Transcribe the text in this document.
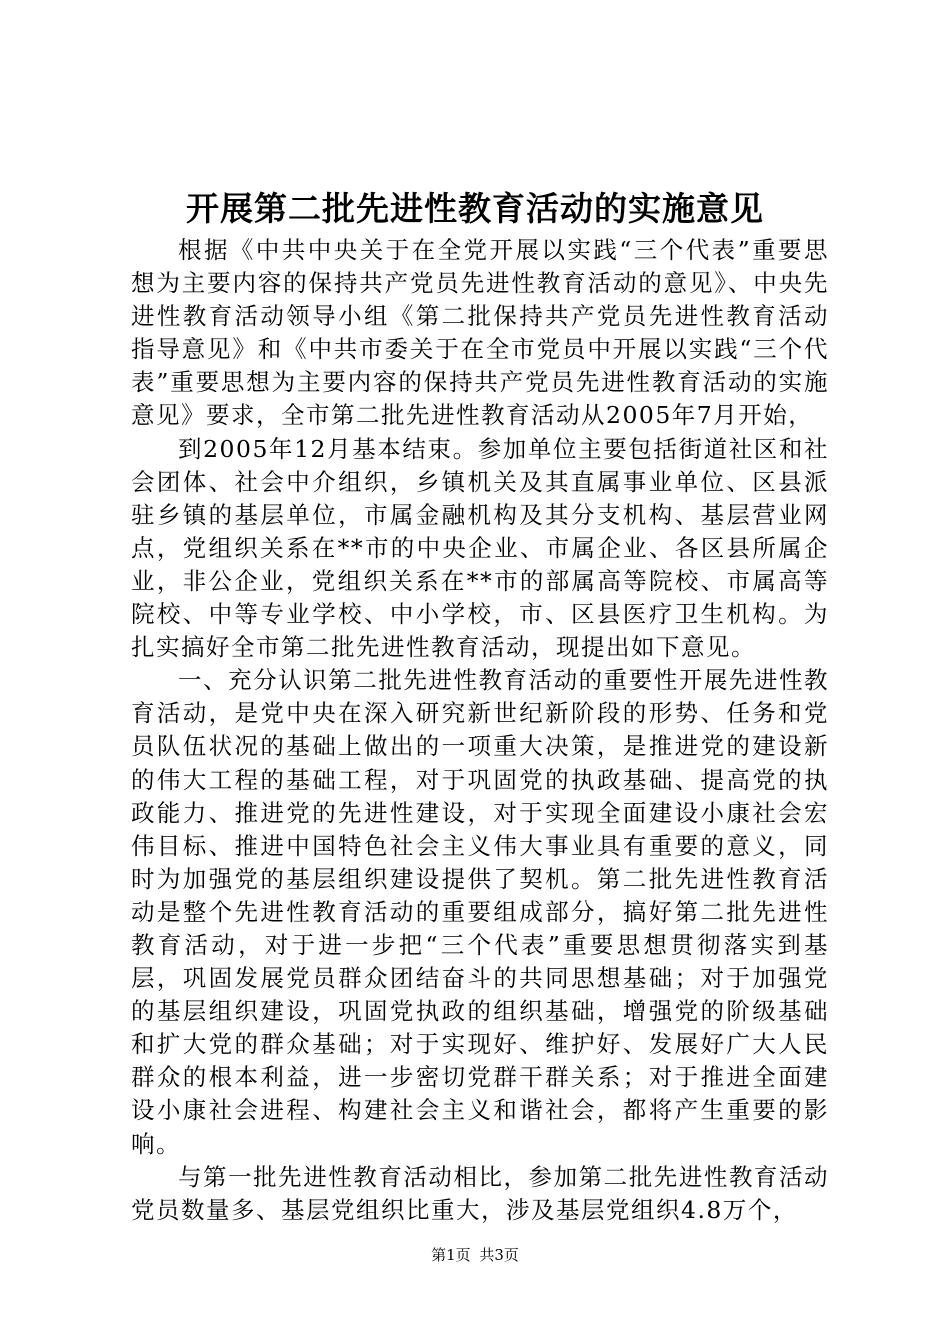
开展第二批先进性教育活动的实施意见

根据《中共中央关于在全党开展以实践“三个代表”重要思想为主要内容的保持共产党员先进性教育活动的意见》、中央先进性教育活动领导小组《第二批保持共产党员先进性教育活动指导意见》和《中共市委关于在全市党员中开展以实践“三个代表”重要思想为主要内容的保持共产党员先进性教育活动的实施意见》要求，全市第二批先进性教育活动从2005年7月开始，

到2005年12月基本结束。参加单位主要包括街道社区和社会团体、社会中介组织，乡镇机关及其直属事业单位、区县派驻乡镇的基层单位，市属金融机构及其分支机构、基层营业网点，党组织关系在**市的中央企业、市属企业、各区县所属企业，非公企业，党组织关系在**市的部属高等院校、市属高等院校、中等专业学校、中小学校，市、区县医疗卫生机构。为扎实搞好全市第二批先进性教育活动，现提出如下意见。

一、充分认识第二批先进性教育活动的重要性开展先进性教育活动，是党中央在深入研究新世纪新阶段的形势、任务和党员队伍状况的基础上做出的一项重大决策，是推进党的建设新的伟大工程的基础工程，对于巩固党的执政基础、提高党的执政能力、推进党的先进性建设，对于实现全面建设小康社会宏伟目标、推进中国特色社会主义伟大事业具有重要的意义，同时为加强党的基层组织建设提供了契机。第二批先进性教育活动是整个先进性教育活动的重要组成部分，搞好第二批先进性教育活动，对于进一步把“三个代表”重要思想贯彻落实到基层，巩固发展党员群众团结奋斗的共同思想基础；对于加强党的基层组织建设，巩固党执政的组织基础，增强党的阶级基础和扩大党的群众基础；对于实现好、维护好、发展好广大人民群众的根本利益，进一步密切党群干群关系；对于推进全面建设小康社会进程、构建社会主义和谐社会，都将产生重要的影响。

与第一批先进性教育活动相比，参加第二批先进性教育活动党员数量多、基层党组织比重大，涉及基层党组织4.8万个，

第1页 共3页
